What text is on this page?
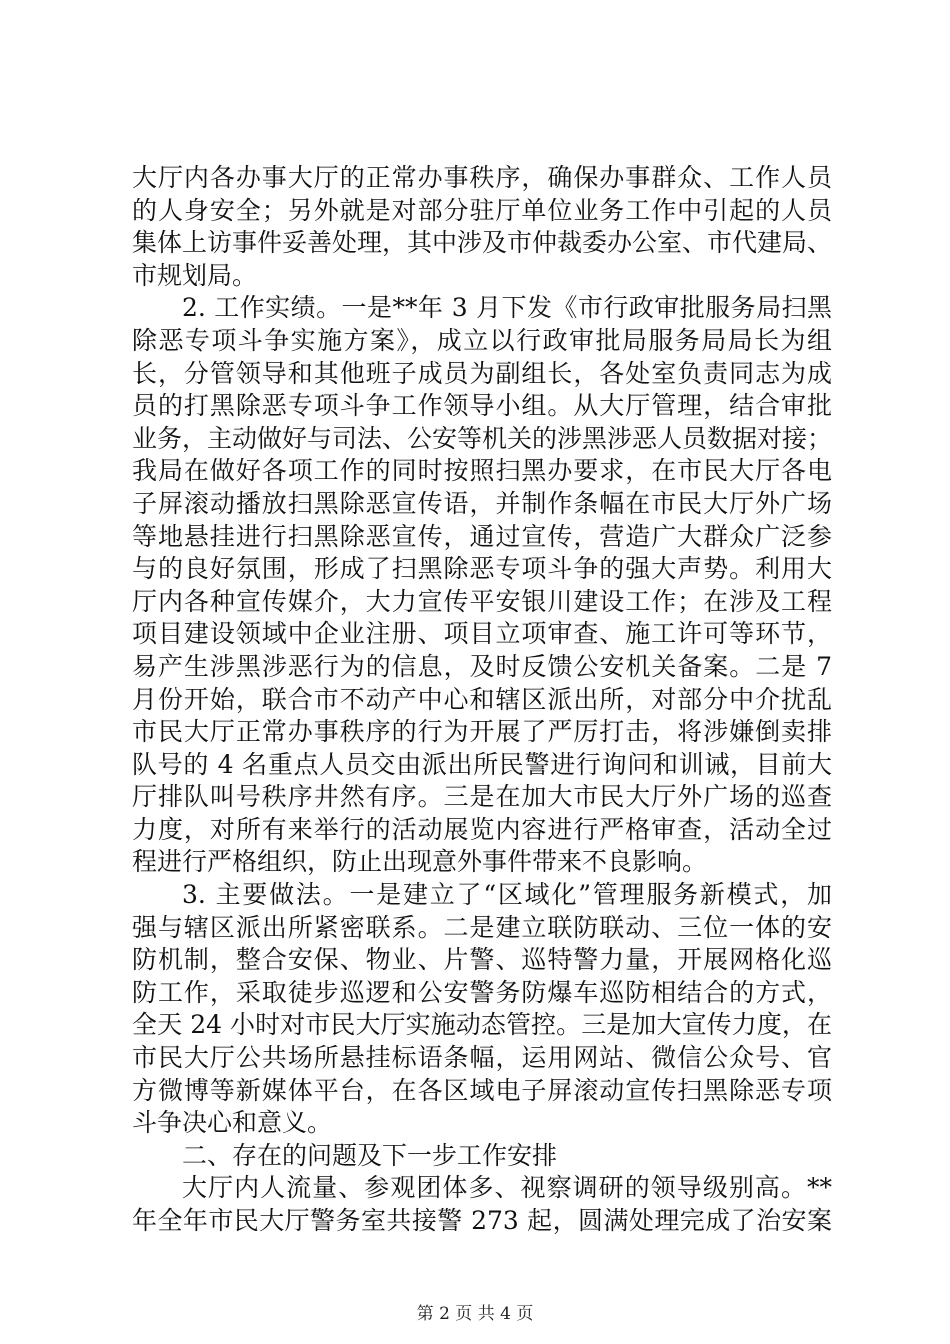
大厅内各办事大厅的正常办事秩序，确保办事群众、工作人员
的人身安全；另外就是对部分驻厅单位业务工作中引起的人员
集体上访事件妥善处理，其中涉及市仲裁委办公室、市代建局、
市规划局。
2. 工作实绩。一是**年 3 月下发《市行政审批服务局扫黑
除恶专项斗争实施方案》，成立以行政审批局服务局局长为组
长，分管领导和其他班子成员为副组长，各处室负责同志为成
员的打黑除恶专项斗争工作领导小组。从大厅管理，结合审批
业务，主动做好与司法、公安等机关的涉黑涉恶人员数据对接；
我局在做好各项工作的同时按照扫黑办要求，在市民大厅各电
子屏滚动播放扫黑除恶宣传语，并制作条幅在市民大厅外广场
等地悬挂进行扫黑除恶宣传，通过宣传，营造广大群众广泛参
与的良好氛围，形成了扫黑除恶专项斗争的强大声势。利用大
厅内各种宣传媒介，大力宣传平安银川建设工作；在涉及工程
项目建设领域中企业注册、项目立项审查、施工许可等环节，
易产生涉黑涉恶行为的信息，及时反馈公安机关备案。二是 7
月份开始，联合市不动产中心和辖区派出所，对部分中介扰乱
市民大厅正常办事秩序的行为开展了严厉打击，将涉嫌倒卖排
队号的 4 名重点人员交由派出所民警进行询问和训诫，目前大
厅排队叫号秩序井然有序。三是在加大市民大厅外广场的巡查
力度，对所有来举行的活动展览内容进行严格审查，活动全过
程进行严格组织，防止出现意外事件带来不良影响。
3. 主要做法。一是建立了“区域化”管理服务新模式，加
强与辖区派出所紧密联系。二是建立联防联动、三位一体的安
防机制，整合安保、物业、片警、巡特警力量，开展网格化巡
防工作，采取徒步巡逻和公安警务防爆车巡防相结合的方式，
全天 24 小时对市民大厅实施动态管控。三是加大宣传力度，在
市民大厅公共场所悬挂标语条幅，运用网站、微信公众号、官
方微博等新媒体平台，在各区域电子屏滚动宣传扫黑除恶专项
斗争决心和意义。
二、存在的问题及下一步工作安排
大厅内人流量、参观团体多、视察调研的领导级别高。**
年全年市民大厅警务室共接警 273 起，圆满处理完成了治安案
第 2 页 共 4 页
